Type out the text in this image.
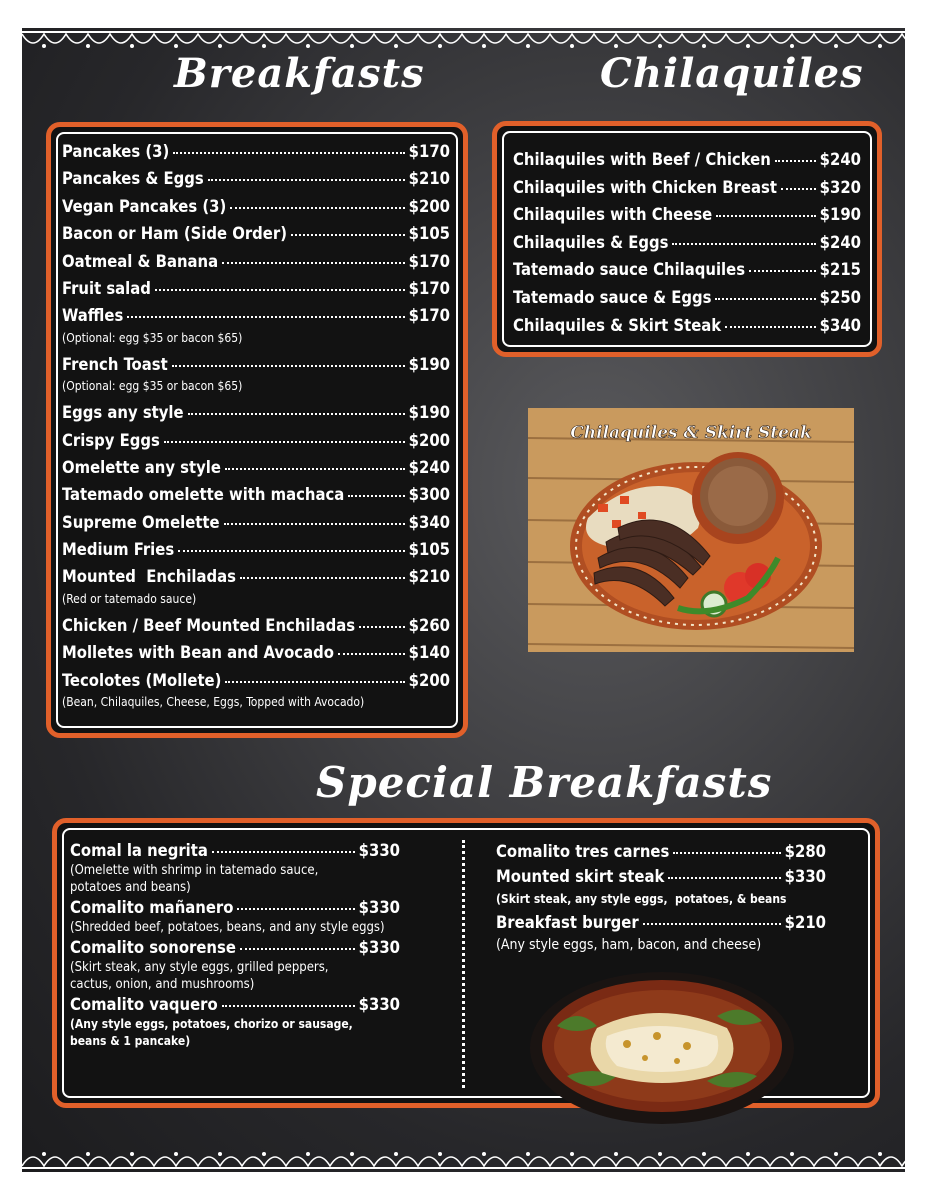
Breakfasts	Chilaquiles
Special Breakfasts
Pancakes (3)	$170
Pancakes & Eggs	$210
Vegan Pancakes (3)	$200
Bacon or Ham (Side Order)	$105
Oatmeal & Banana	$170
Fruit salad	$170
Waffles	$170
(Optional: egg $35 or bacon $65)
French Toast	$190
(Optional: egg $35 or bacon $65)
Eggs any style	$190
Crispy Eggs	$200
Omelette any style	$240
Tatemado omelette with machaca	$300
Supreme Omelette	$340
Medium Fries	$105
Mounted  Enchiladas	$210
(Red or tatemado sauce)
Chicken / Beef Mounted Enchiladas	$260
Molletes with Bean and Avocado	$140
Tecolotes (Mollete)	$200
(Bean, Chilaquiles, Cheese, Eggs, Topped with Avocado)
Chilaquiles with Beef / Chicken	$240
Chilaquiles with Chicken Breast	$320
Chilaquiles with Cheese	$190
Chilaquiles & Eggs	$240
Tatemado sauce Chilaquiles	$215
Tatemado sauce & Eggs	$250
Chilaquiles & Skirt Steak	$340
Chilaquiles & Skirt Steak
Comal la negrita	$330
(Omelette with shrimp in tatemado sauce, potatoes and beans)
Comalito mañanero	$330
(Shredded beef, potatoes, beans, and any style eggs)
Comalito sonorense	$330
(Skirt steak, any style eggs, grilled peppers, cactus, onion, and mushrooms)
Comalito vaquero	$330
(Any style eggs, potatoes, chorizo or sausage, beans & 1 pancake)
Comalito tres carnes	$280
Mounted skirt steak	$330
(Skirt steak, any style eggs,  potatoes, & beans
Breakfast burger	$210
(Any style eggs, ham, bacon, and cheese)
